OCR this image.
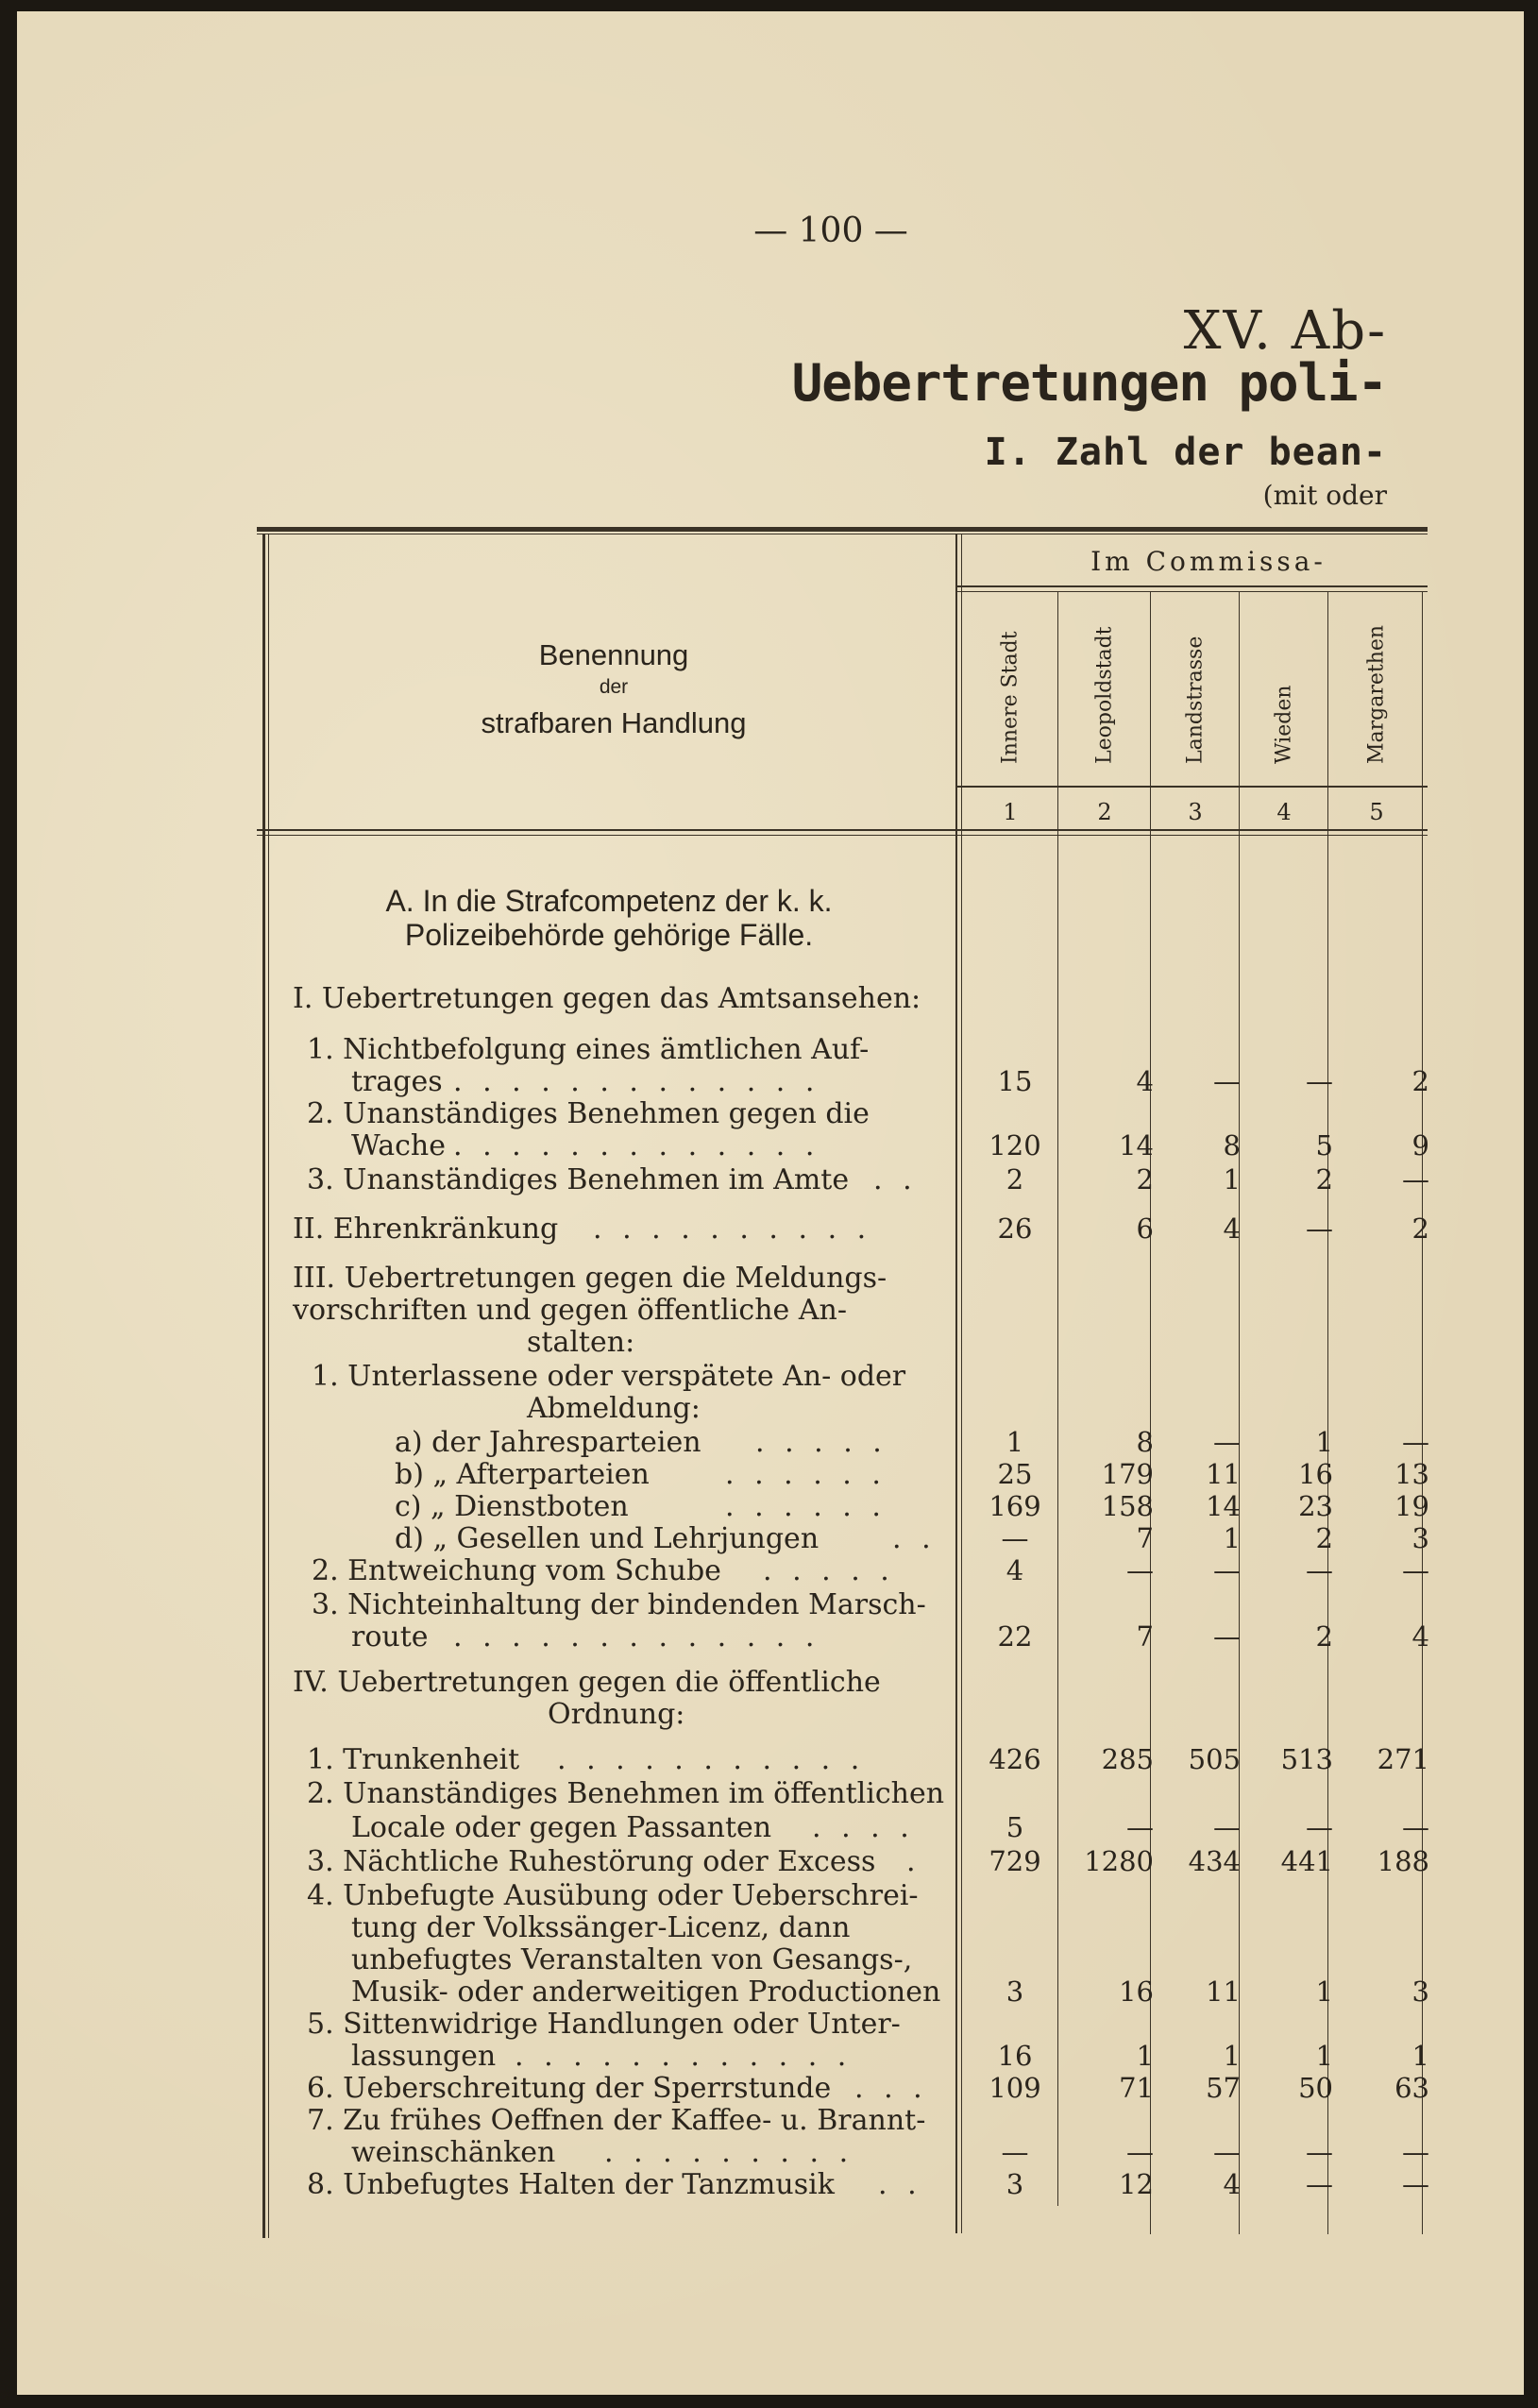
— 100 —
XV. Ab-
Uebertretungen poli-
I. Zahl der bean-
(mit oder
Benennung
der
strafbaren Handlung
Im Commissa-
Innere Stadt	Leopoldstadt	Landstrasse	Wieden	Margarethen
1	2	3	4	5
A. In die Strafcompetenz der k. k.
Polizeibehörde gehörige Fälle.
I. Uebertretungen gegen das Amtsansehen:
1. Nichtbefolgung eines ämtlichen Auf-
trages . . . . . . . . . . . . .	15	4	—	—	2
2. Unanständiges Benehmen gegen die
Wache . . . . . . . . . . . . .	120	14	8	5	9
3. Unanständiges Benehmen im Amte . .	2	2	1	2	—
II. Ehrenkränkung . . . . . . . . . .	26	6	4	—	2
III. Uebertretungen gegen die Meldungs-
vorschriften und gegen öffentliche An-
stalten:
1. Unterlassene oder verspätete An- oder
Abmeldung:
a) der Jahresparteien . . . . .	1	8	—	1	—
b) „ Afterparteien	. . . . . .	25	179	11	16	13
c) „ Dienstboten	. . . . . .	169	158	14	23	19
d) „ Gesellen und Lehrjungen	. .	—	7	1	2	3
2. Entweichung vom Schube . . . . .	4	—	—	—	—
3. Nichteinhaltung der bindenden Marsch-
route . . . . . . . . . . . . .	22	7	—	2	4
IV. Uebertretungen gegen die öffentliche
Ordnung:
1. Trunkenheit . . . . . . . . . . .	426	285	505	513	271
2. Unanständiges Benehmen im öffentlichen
Locale oder gegen Passanten . . . .	5	—	—	—	—
3. Nächtliche Ruhestörung oder Excess .	729	1280	434	441	188
4. Unbefugte Ausübung oder Ueberschrei-
tung der Volkssänger-Licenz, dann
unbefugtes Veranstalten von Gesangs-,
Musik- oder anderweitigen Productionen	3	16	11	1	3
5. Sittenwidrige Handlungen oder Unter-
lassungen . . . . . . . . . . . .	16	1	1	1	1
6. Ueberschreitung der Sperrstunde . . .	109	71	57	50	63
7. Zu frühes Oeffnen der Kaffee- u. Brannt-
weinschänken . . . . . . . . .	—	—	—	—	—
8. Unbefugtes Halten der Tanzmusik . .	3	12	4	—	—
